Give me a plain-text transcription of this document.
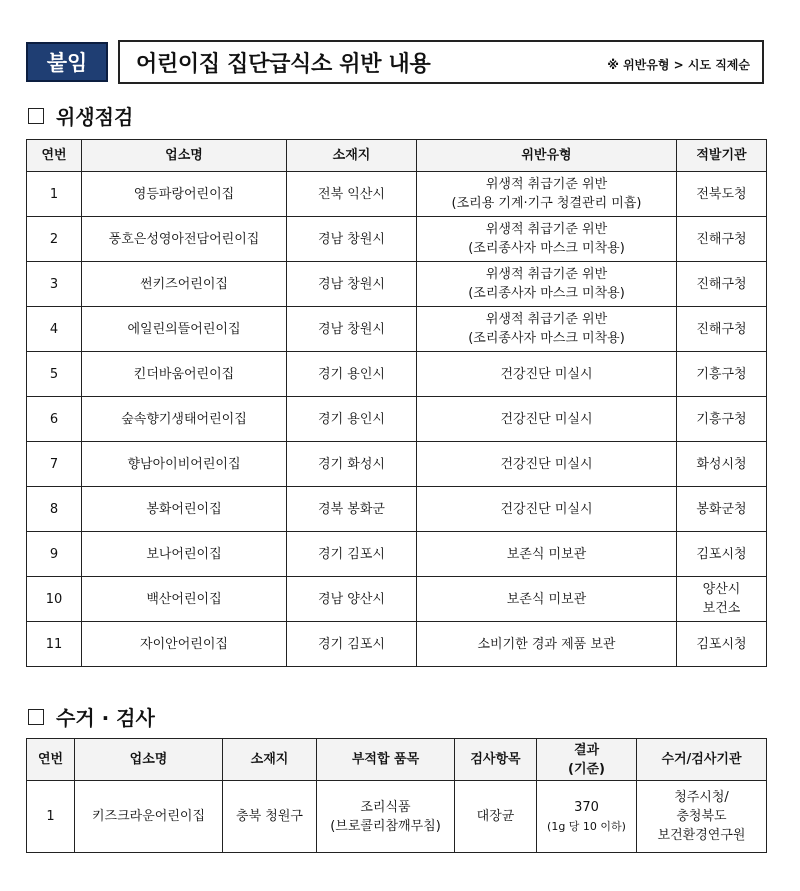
붙임	어린이집 집단급식소 위반 내용	※ 위반유형 > 시도 직제순
위생점검
연번	업소명	소재지	위반유형	적발기관

1	영등파랑어린이집	전북 익산시	위생적 취급기준 위반
(조리용 기계·기구 청결관리 미흡)	전북도청

2	풍호은성영아전담어린이집	경남 창원시	위생적 취급기준 위반
(조리종사자 마스크 미착용)	진해구청

3	썬키즈어린이집	경남 창원시	위생적 취급기준 위반
(조리종사자 마스크 미착용)	진해구청

4	에일린의뜰어린이집	경남 창원시	위생적 취급기준 위반
(조리종사자 마스크 미착용)	진해구청

5	킨더바움어린이집	경기 용인시	건강진단 미실시	기흥구청

6	숲속향기생태어린이집	경기 용인시	건강진단 미실시	기흥구청

7	향남아이비어린이집	경기 화성시	건강진단 미실시	화성시청

8	봉화어린이집	경북 봉화군	건강진단 미실시	봉화군청

9	보나어린이집	경기 김포시	보존식 미보관	김포시청

10	백산어린이집	경남 양산시	보존식 미보관	양산시
보건소

11	자이안어린이집	경기 김포시	소비기한 경과 제품 보관	김포시청
수거 · 검사
연번	업소명	소재지	부적합 품목	검사항목	결과
(기준)	수거/검사기관
1	키즈크라운어린이집	충북 청원구	조리식품
(브로콜리참깨무침)	대장균	370
(1g 당 10 이하)	청주시청/
충청북도
보건환경연구원
